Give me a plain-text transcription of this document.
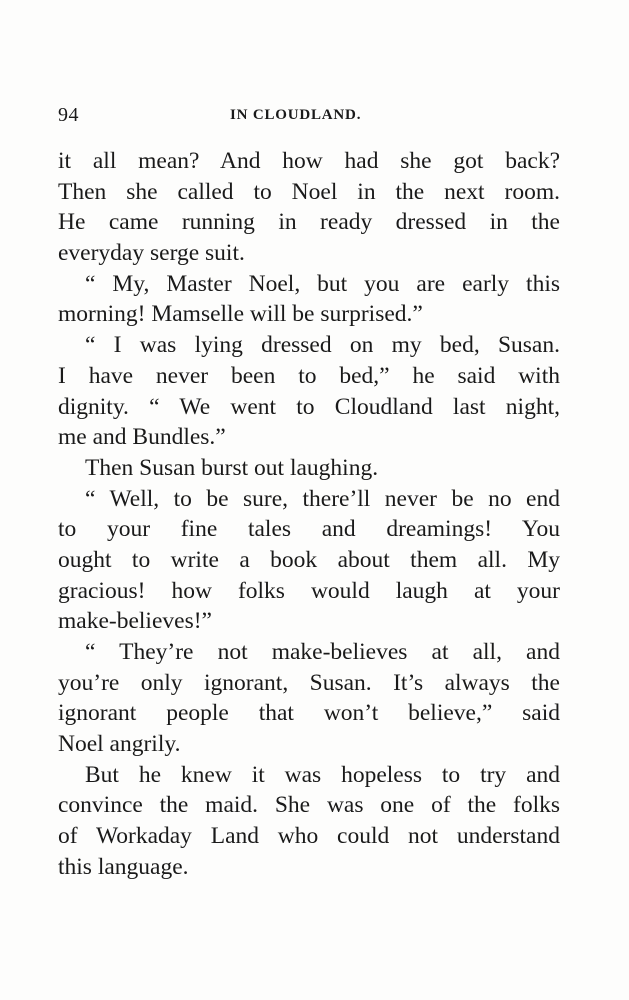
94	IN CLOUDLAND.
it all mean? And how had she got back?
Then she called to Noel in the next room.
He came running in ready dressed in the
everyday serge suit.
“ My, Master Noel, but you are early this
morning! Mamselle will be surprised.”
“ I was lying dressed on my bed, Susan.
I have never been to bed,” he said with
dignity. “ We went to Cloudland last night,
me and Bundles.”
Then Susan burst out laughing.
“ Well, to be sure, there’ll never be no end
to your fine tales and dreamings! You
ought to write a book about them all. My
gracious! how folks would laugh at your
make-believes!”
“ They’re not make-believes at all, and
you’re only ignorant, Susan. It’s always the
ignorant people that won’t believe,” said
Noel angrily.
But he knew it was hopeless to try and
convince the maid. She was one of the folks
of Workaday Land who could not understand
this language.
